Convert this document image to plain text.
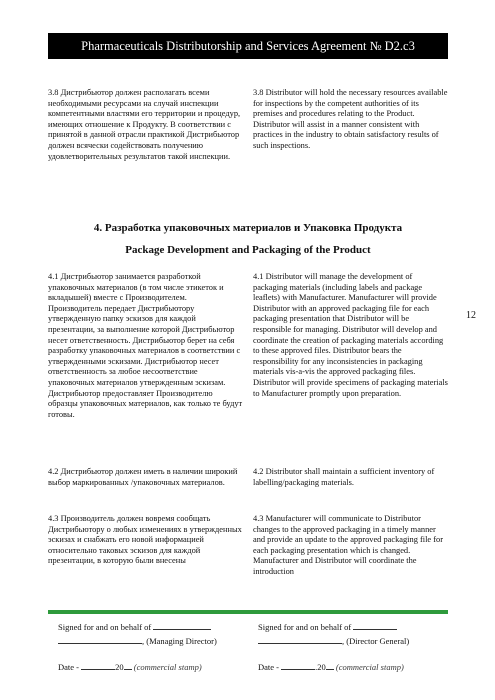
Pharmaceuticals Distributorship and Services Agreement № D2.c3
3.8 Дистрибьютор должен располагать всеми необходимыми ресурсами на случай инспекции компетентными властями его территории и процедур, имеющих отношение к Продукту. В соответствии с принятой в данной отрасли практикой Дистрибьютор должен всячески содействовать получению удовлетворительных результатов такой инспекции.
3.8 Distributor will hold the necessary resources available for inspections by the competent authorities of its premises and procedures relating to the Product. Distributor will assist in a manner consistent with practices in the industry to obtain satisfactory results of such inspections.
4. Разработка упаковочных материалов и Упаковка Продукта
Package Development and Packaging of the Product
4.1 Дистрибьютор занимается разработкой упаковочных материалов (в том числе этикеток и вкладышей) вместе с Производителем. Производитель передает Дистрибьютору утвержденную папку эскизов для каждой презентации, за выполнение которой Дистрибьютор несет ответственность. Дистрибьютор берет на себя разработку упаковочных материалов в соответствии с утвержденными эскизами. Дистрибьютор несет ответственность за любое несоответствие упаковочных материалов утвержденным эскизам. Дистрибьютор предоставляет Производителю образцы упаковочных материалов, как только те будут готовы.
4.1 Distributor will manage the development of packaging materials (including labels and package leaflets) with Manufacturer. Manufacturer will provide Distributor with an approved packaging file for each packaging presentation that Distributor will be responsible for managing. Distributor will develop and coordinate the creation of packaging materials according to these approved files. Distributor bears the responsibility for any inconsistencies in packaging materials vis-a-vis the approved packaging files. Distributor will provide specimens of packaging materials to Manufacturer promptly upon preparation.
12
4.2 Дистрибьютор должен иметь в наличии широкий выбор маркированных /упаковочных материалов.
4.2 Distributor shall maintain a sufficient inventory of labelling/packaging materials.
4.3 Производитель должен вовремя сообщать Дистрибьютору о любых изменениях в утвержденных эскизах и снабжать его новой информацией относительно таковых эскизов для каждой презентации, в которую были внесены
4.3 Manufacturer will communicate to Distributor changes to the approved packaging in a timely manner and provide an update to the approved packaging file for each packaging presentation which is changed. Manufacturer and Distributor will coordinate the introduction
Signed for and on behalf of
, (Managing Director)
Date -	20 (commercial stamp)
Signed for and on behalf of
, (Director General)
Date -	.20 (commercial stamp)
